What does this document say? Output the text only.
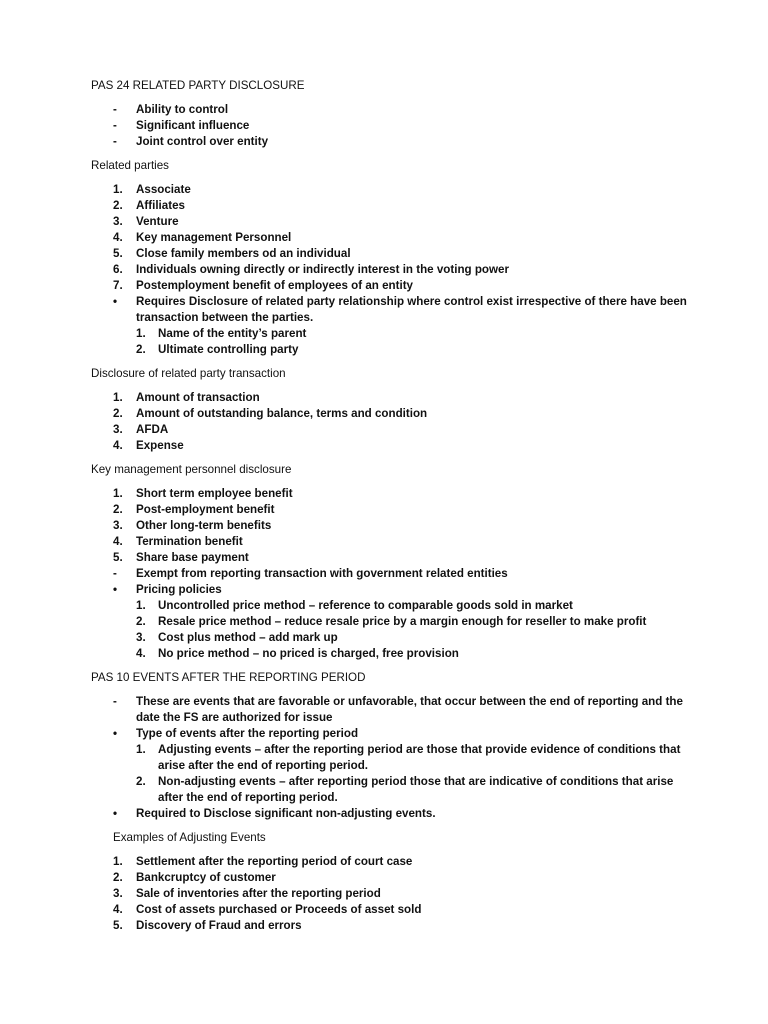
PAS 24 RELATED PARTY DISCLOSURE
- Ability to control
- Significant influence
- Joint control over entity
Related parties
1. Associate
2. Affiliates
3. Venture
4. Key management Personnel
5. Close family members od an individual
6. Individuals owning directly or indirectly interest in the voting power
7. Postemployment benefit of employees of an entity
• Requires Disclosure of related party relationship where control exist irrespective of there have been transaction between the parties.
1. Name of the entity’s parent
2. Ultimate controlling party
Disclosure of related party transaction
1. Amount of transaction
2. Amount of outstanding balance, terms and condition
3. AFDA
4. Expense
Key management personnel disclosure
1. Short term employee benefit
2. Post-employment benefit
3. Other long-term benefits
4. Termination benefit
5. Share base payment
- Exempt from reporting transaction with government related entities
• Pricing policies
1. Uncontrolled price method – reference to comparable goods sold in market
2. Resale price method – reduce resale price by a margin enough for reseller to make profit
3. Cost plus method – add mark up
4. No price method – no priced is charged, free provision
PAS 10 EVENTS AFTER THE REPORTING PERIOD
- These are events that are favorable or unfavorable, that occur between the end of reporting and the date the FS are authorized for issue
• Type of events after the reporting period
1. Adjusting events – after the reporting period are those that provide evidence of conditions that arise after the end of reporting period.
2. Non-adjusting events – after reporting period those that are indicative of conditions that arise after the end of reporting period.
• Required to Disclose significant non-adjusting events.
Examples of Adjusting Events
1. Settlement after the reporting period of court case
2. Bankcruptcy of customer
3. Sale of inventories after the reporting period
4. Cost of assets purchased or Proceeds of asset sold
5. Discovery of Fraud and errors
